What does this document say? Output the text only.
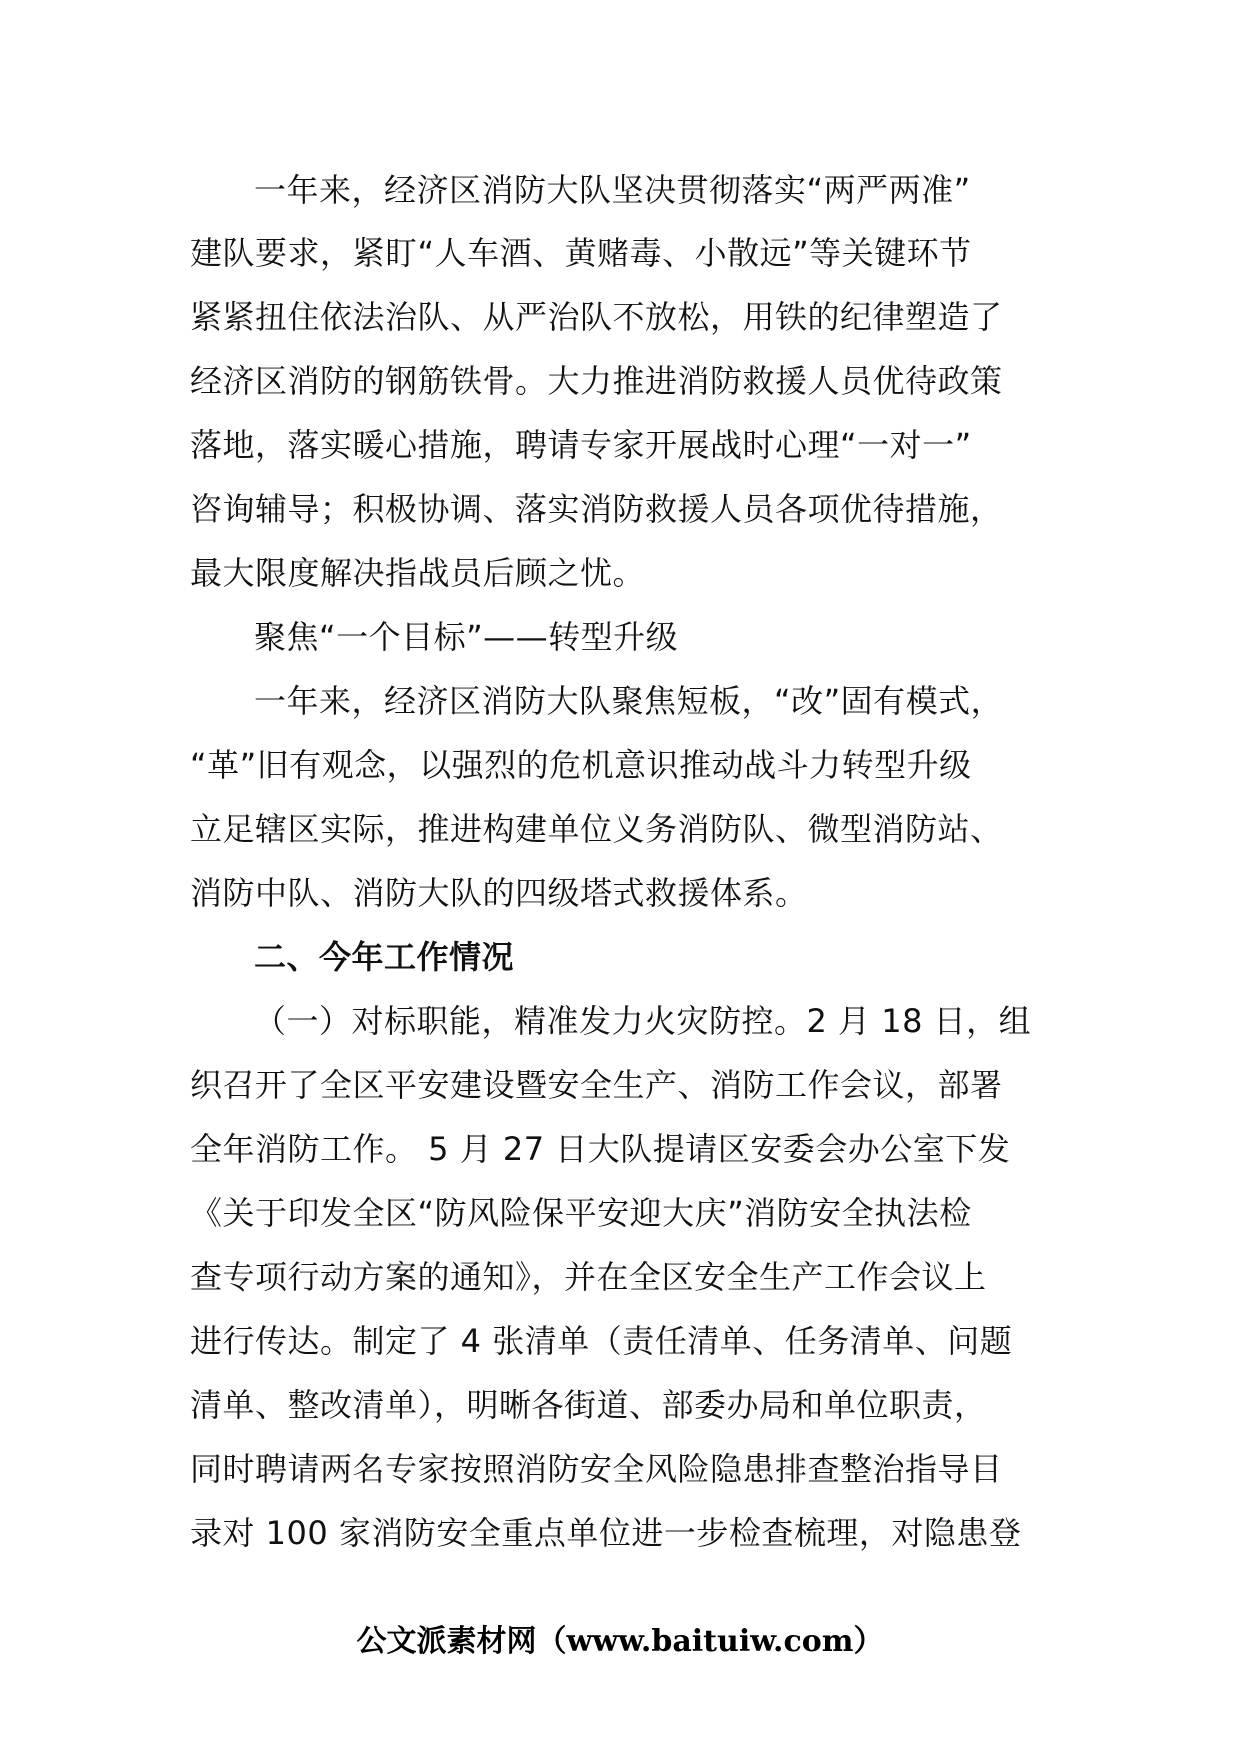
一年来，经济区消防大队坚决贯彻落实“两严两准”
建队要求，紧盯“人车酒、黄赌毒、小散远”等关键环节
紧紧扭住依法治队、从严治队不放松，用铁的纪律塑造了
经济区消防的钢筋铁骨。大力推进消防救援人员优待政策
落地，落实暖心措施，聘请专家开展战时心理“一对一”
咨询辅导；积极协调、落实消防救援人员各项优待措施，
最大限度解决指战员后顾之忧。
聚焦“一个目标”——转型升级
一年来，经济区消防大队聚焦短板，“改”固有模式，
“革”旧有观念，以强烈的危机意识推动战斗力转型升级
立足辖区实际，推进构建单位义务消防队、微型消防站、
消防中队、消防大队的四级塔式救援体系。
二、今年工作情况
（一）对标职能，精准发力火灾防控。2 月 18 日，组
织召开了全区平安建设暨安全生产、消防工作会议，部署
全年消防工作。 5 月 27 日大队提请区安委会办公室下发
《关于印发全区“防风险保平安迎大庆”消防安全执法检
查专项行动方案的通知》，并在全区安全生产工作会议上
进行传达。制定了 4 张清单（责任清单、任务清单、问题
清单、整改清单），明晰各街道、部委办局和单位职责，
同时聘请两名专家按照消防安全风险隐患排查整治指导目
录对 100 家消防安全重点单位进一步检查梳理，对隐患登
公文派素材网（www.baituiw.com）
